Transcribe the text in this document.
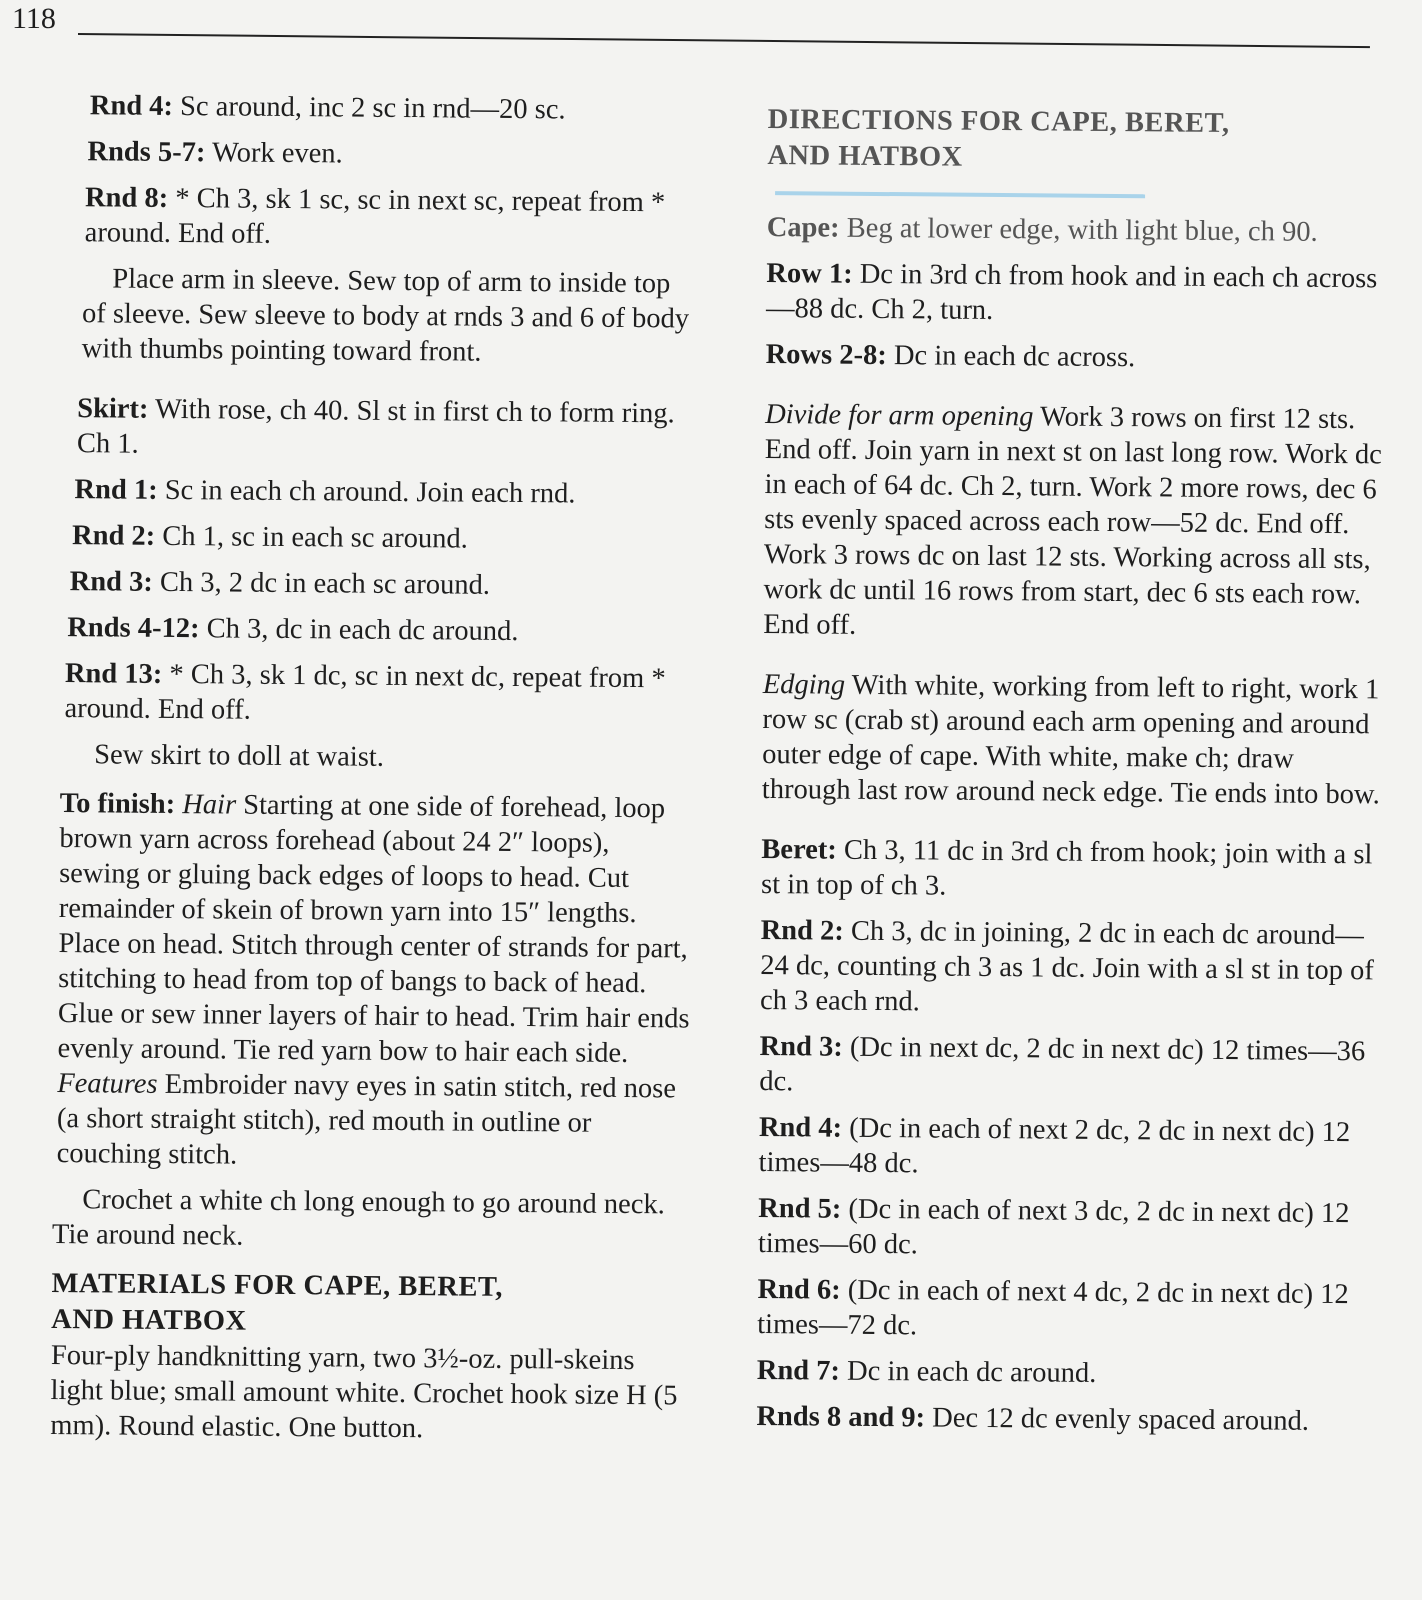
118

Rnd 4: Sc around, inc 2 sc in rnd—20 sc.

Rnds 5-7: Work even.

Rnd 8: * Ch 3, sk 1 sc, sc in next sc, repeat from * around. End off.

Place arm in sleeve. Sew top of arm to inside top of sleeve. Sew sleeve to body at rnds 3 and 6 of body with thumbs pointing toward front.

Skirt: With rose, ch 40. Sl st in first ch to form ring. Ch 1.

Rnd 1: Sc in each ch around. Join each rnd.

Rnd 2: Ch 1, sc in each sc around.

Rnd 3: Ch 3, 2 dc in each sc around.

Rnds 4-12: Ch 3, dc in each dc around.

Rnd 13: * Ch 3, sk 1 dc, sc in next dc, repeat from * around. End off.

Sew skirt to doll at waist.

To finish: Hair Starting at one side of forehead, loop brown yarn across forehead (about 24 2″ loops), sewing or gluing back edges of loops to head. Cut remainder of skein of brown yarn into 15″ lengths. Place on head. Stitch through center of strands for part, stitching to head from top of bangs to back of head. Glue or sew inner layers of hair to head. Trim hair ends evenly around. Tie red yarn bow to hair each side. Features Embroider navy eyes in satin stitch, red nose (a short straight stitch), red mouth in outline or couching stitch.

Crochet a white ch long enough to go around neck. Tie around neck.

MATERIALS FOR CAPE, BERET, AND HATBOX

Four-ply handknitting yarn, two 3½-oz. pull-skeins light blue; small amount white. Crochet hook size H (5 mm). Round elastic. One button.

DIRECTIONS FOR CAPE, BERET, AND HATBOX

Cape: Beg at lower edge, with light blue, ch 90.

Row 1: Dc in 3rd ch from hook and in each ch across—88 dc. Ch 2, turn.

Rows 2-8: Dc in each dc across.

Divide for arm opening Work 3 rows on first 12 sts. End off. Join yarn in next st on last long row. Work dc in each of 64 dc. Ch 2, turn. Work 2 more rows, dec 6 sts evenly spaced across each row—52 dc. End off. Work 3 rows dc on last 12 sts. Working across all sts, work dc until 16 rows from start, dec 6 sts each row. End off.

Edging With white, working from left to right, work 1 row sc (crab st) around each arm opening and around outer edge of cape. With white, make ch; draw through last row around neck edge. Tie ends into bow.

Beret: Ch 3, 11 dc in 3rd ch from hook; join with a sl st in top of ch 3.

Rnd 2: Ch 3, dc in joining, 2 dc in each dc around—24 dc, counting ch 3 as 1 dc. Join with a sl st in top of ch 3 each rnd.

Rnd 3: (Dc in next dc, 2 dc in next dc) 12 times—36 dc.

Rnd 4: (Dc in each of next 2 dc, 2 dc in next dc) 12 times—48 dc.

Rnd 5: (Dc in each of next 3 dc, 2 dc in next dc) 12 times—60 dc.

Rnd 6: (Dc in each of next 4 dc, 2 dc in next dc) 12 times—72 dc.

Rnd 7: Dc in each dc around.

Rnds 8 and 9: Dec 12 dc evenly spaced around.
